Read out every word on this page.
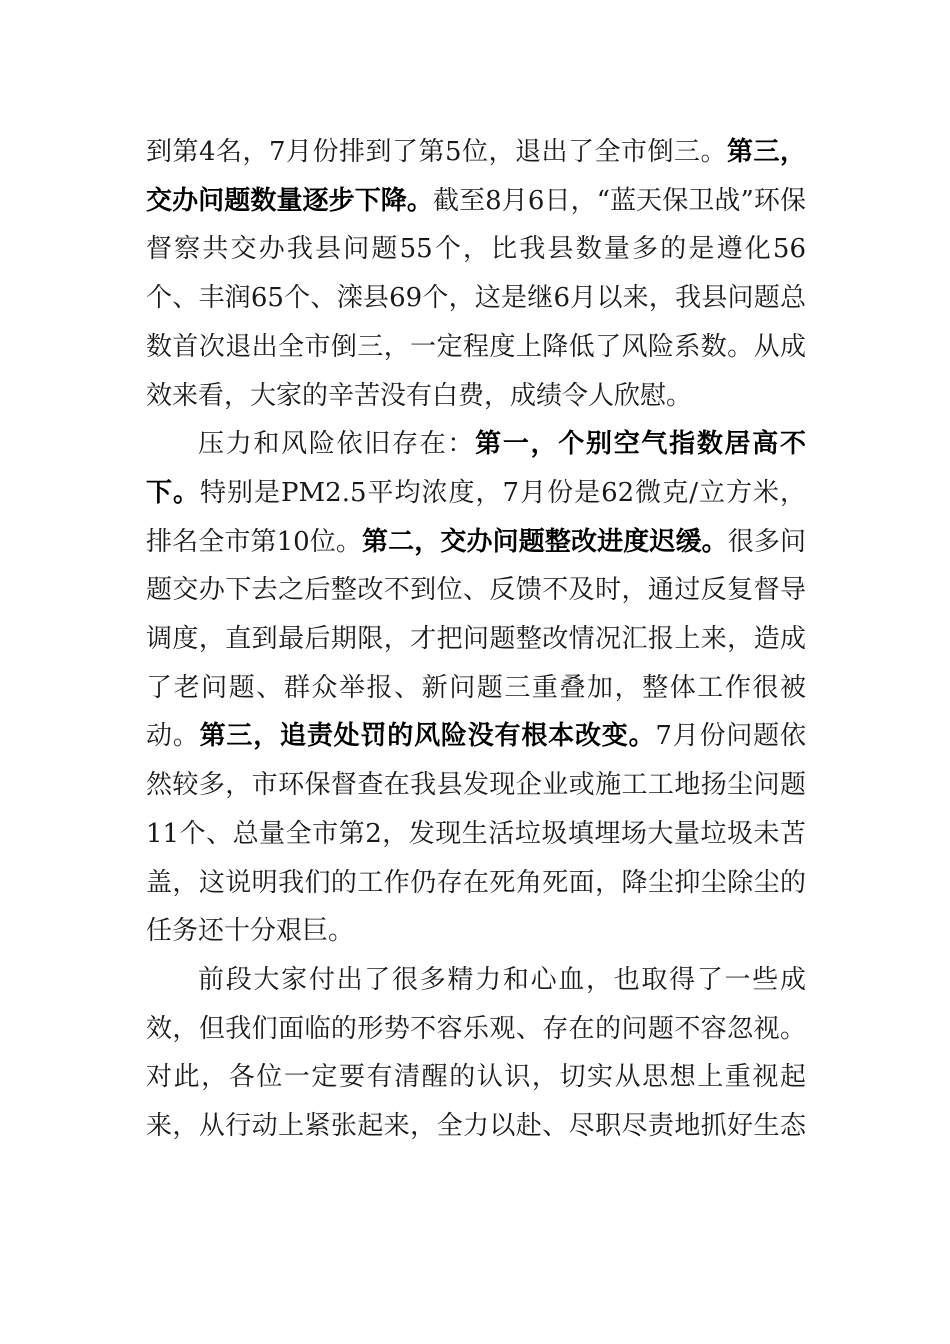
到第4名，7月份排到了第5位，退出了全市倒三。第三，交办问题数量逐步下降。截至8月6日，“蓝天保卫战”环保督察共交办我县问题55个，比我县数量多的是遵化56个、丰润65个、滦县69个，这是继6月以来，我县问题总数首次退出全市倒三，一定程度上降低了风险系数。从成效来看，大家的辛苦没有白费，成绩令人欣慰。

压力和风险依旧存在：第一，个别空气指数居高不下。特别是PM2.5平均浓度，7月份是62微克/立方米，排名全市第10位。第二，交办问题整改进度迟缓。很多问题交办下去之后整改不到位、反馈不及时，通过反复督导调度，直到最后期限，才把问题整改情况汇报上来，造成了老问题、群众举报、新问题三重叠加，整体工作很被动。第三，追责处罚的风险没有根本改变。7月份问题依然较多，市环保督查在我县发现企业或施工工地扬尘问题11个、总量全市第2，发现生活垃圾填埋场大量垃圾未苫盖，这说明我们的工作仍存在死角死面，降尘抑尘除尘的任务还十分艰巨。

前段大家付出了很多精力和心血，也取得了一些成效，但我们面临的形势不容乐观、存在的问题不容忽视。对此，各位一定要有清醒的认识，切实从思想上重视起来，从行动上紧张起来，全力以赴、尽职尽责地抓好生态
